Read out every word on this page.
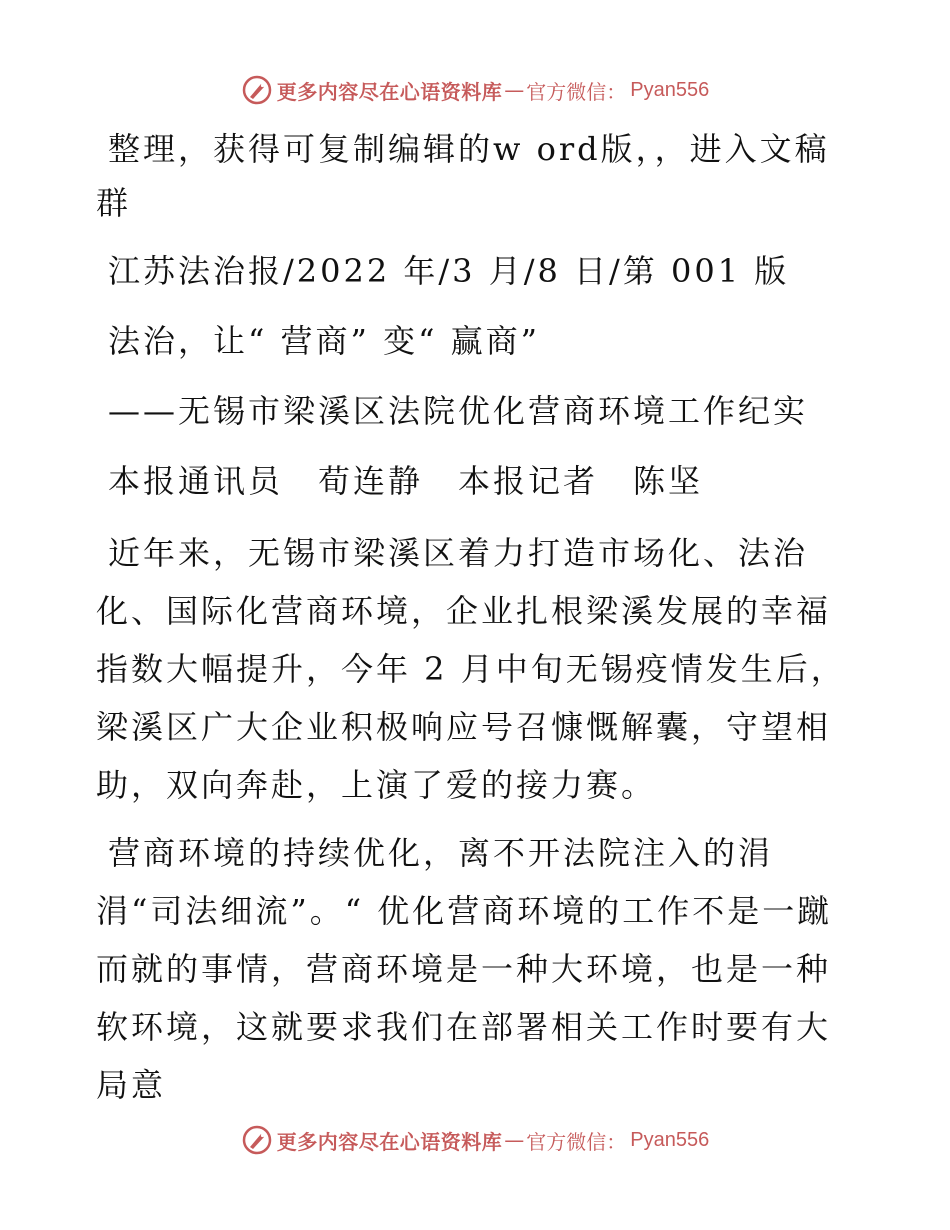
更多内容尽在心语资料库 — 官方微信： Pyan556

整理，获得可复制编辑的w ord版，，进入文稿群

江苏法治报/2022 年/3 月/8 日/第 001 版

法治，让“ 营商” 变“ 赢商”

——无锡市梁溪区法院优化营商环境工作纪实

本报通讯员　荀连静　本报记者　陈坚

近年来，无锡市梁溪区着力打造市场化、法治化、国际化营商环境，企业扎根梁溪发展的幸福指数大幅提升，今年 2 月中旬无锡疫情发生后，梁溪区广大企业积极响应号召慷慨解囊，守望相助，双向奔赴，上演了爱的接力赛。

营商环境的持续优化，离不开法院注入的涓涓“司法细流”。“ 优化营商环境的工作不是一蹴而就的事情，营商环境是一种大环境，也是一种软环境，这就要求我们在部署相关工作时要有大局意

更多内容尽在心语资料库 — 官方微信： Pyan556
